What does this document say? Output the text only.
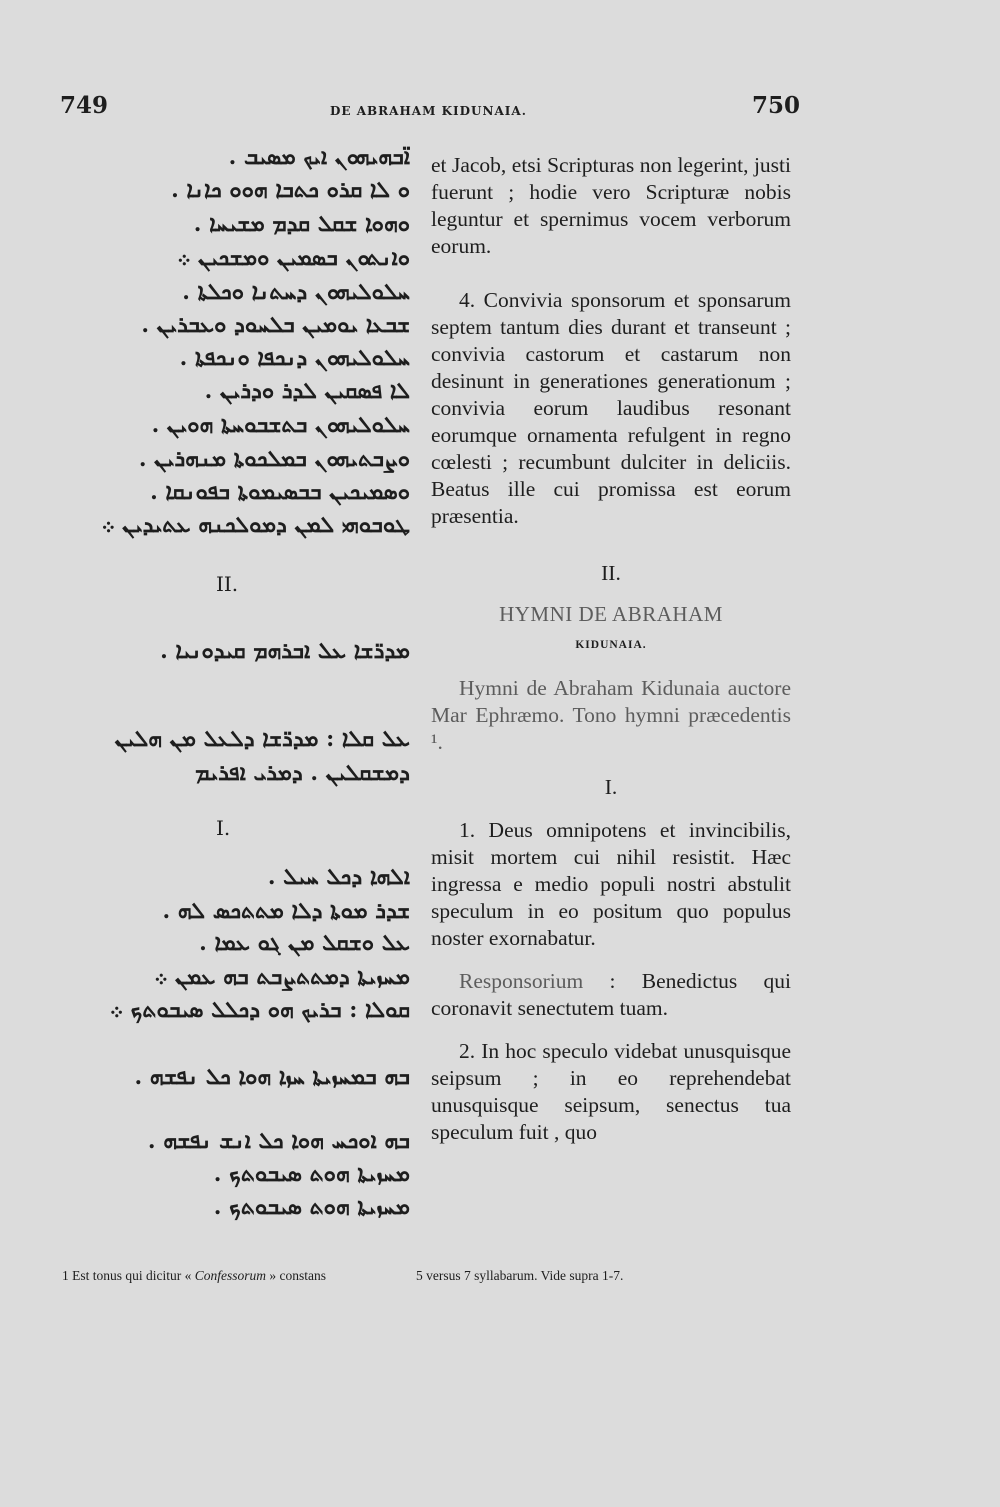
749	DE ABRAHAM KIDUNAIA.	750
ܐ̈ܒܗܝܗܘܢ ܐܝܟ ܡܣܝܒ .
ܘ ܠܐ ܩܪܘ ܟܬܒܐ ܗܘܘ ܟܐܢܐ .
ܘܗܘܐ ܫܩܠ ܩܕܡ ܡܫܝܚܐ .
ܘܐܢܬܘܢ ܒܣܡܝܢ ܘܡܫܟܝܢ ܀
ܚܠܘܠܝܗܘܢ ܕܚܬܢܐ ܘܟܠܬܐ .
ܫܒܥܐ ܝܘܡܝܢ ܒܠܚܘܕ ܘܥܒܪܝܢ .
ܚܠܘܠܝܗܘܢ ܕܢܟܦܐ ܘܢܟܦܬܐ .
ܠܐ ܦܣܩܝܢ ܠܕܪ ܘܕܪܝܢ .
ܚܠܘܠܝܗܘܢ ܒܬܫܒܘܚܬܐ ܗܘܝܢ .
ܘܨܒܬܝܗܘܢ ܒܡܠܟܘܬܐ ܡܢܗܪܝܢ .
ܘܣܡܝܟܝܢ ܒܒܣܝܡܘܬܐ ܒܦܘܢܩܐ .
ܛܘܒܘܗܝ ܠܡܢ ܕܡܘܠܟܢܗ ܥܬܝܕܝܢ ܀
II.
ܡܕܪ̈ܫܐ ܥܠ ܐܒܪܗܡ ܩܝܕܘܢܝܐ .
ܥܠ ܩܠܐ : ܡܕܪ̈ܫܐ ܕܠܥܠ ܡܢ ܗܠܝܢ ܕܡܫܩܠܝܢ . ܕܡܪܝ ܐܦܪܝܡ
I.
ܐܠܗܐ ܕܟܠ ܚܝܠ .
ܫܕܪ ܡܘܬܐ ܕܠܐ ܡܬܬܟܣ ܠܗ .
ܥܠ ܘܫܩܠ ܡܢ ܓܘ ܥܡܐ .
ܡܚܙܝܬܐ ܕܡܬܬܨܒܬ ܒܗ ܥܡܢ ܀
ܩܘܠܐ : ܒܪܝܟ ܗܘ ܕܟܠܠ ܣܝܒܘܬܟ ܀
ܒܗ ܒܡܚܙܝܬܐ ܚܙܐ ܗܘܐ ܟܠ ܢܦܫܗ .
ܒܗ ܐܘܟܚ ܗܘܐ ܟܠ ܐܢܫ ܢܦܫܗ .
ܡܚܙܝܬܐ ܗܘܬ ܣܝܒܘܬܟ .
ܡܚܙܝܬܐ ܗܘܬ ܣܝܒܘܬܟ .

et Jacob, etsi Scripturas non legerint, justi fuerunt ; hodie vero Scripturæ nobis leguntur et spernimus vocem verborum eorum.

4. Convivia sponsorum et sponsarum septem tantum dies durant et transeunt ; convivia castorum et castarum non desinunt in generationes generationum ; convivia eorum laudibus resonant eorumque ornamenta refulgent in regno cœlesti ; recumbunt dulciter in deliciis. Beatus ille cui promissa est eorum præsentia.

II.

HYMNI DE ABRAHAM

KIDUNAIA.

Hymni de Abraham Kidunaia auctore Mar Ephræmo. Tono hymni præcedentis ¹.

I.

1. Deus omnipotens et invincibilis, misit mortem cui nihil resistit. Hæc ingressa e medio populi nostri abstulit speculum in eo positum quo populus noster exornabatur.

Responsorium : Benedictus qui coronavit senectutem tuam.

2. In hoc speculo videbat unusquisque seipsum ; in eo reprehendebat unusquisque seipsum, senectus tua speculum fuit , quo

1 Est tonus qui dicitur « Confessorum » constans	5 versus 7 syllabarum. Vide supra 1-7.
